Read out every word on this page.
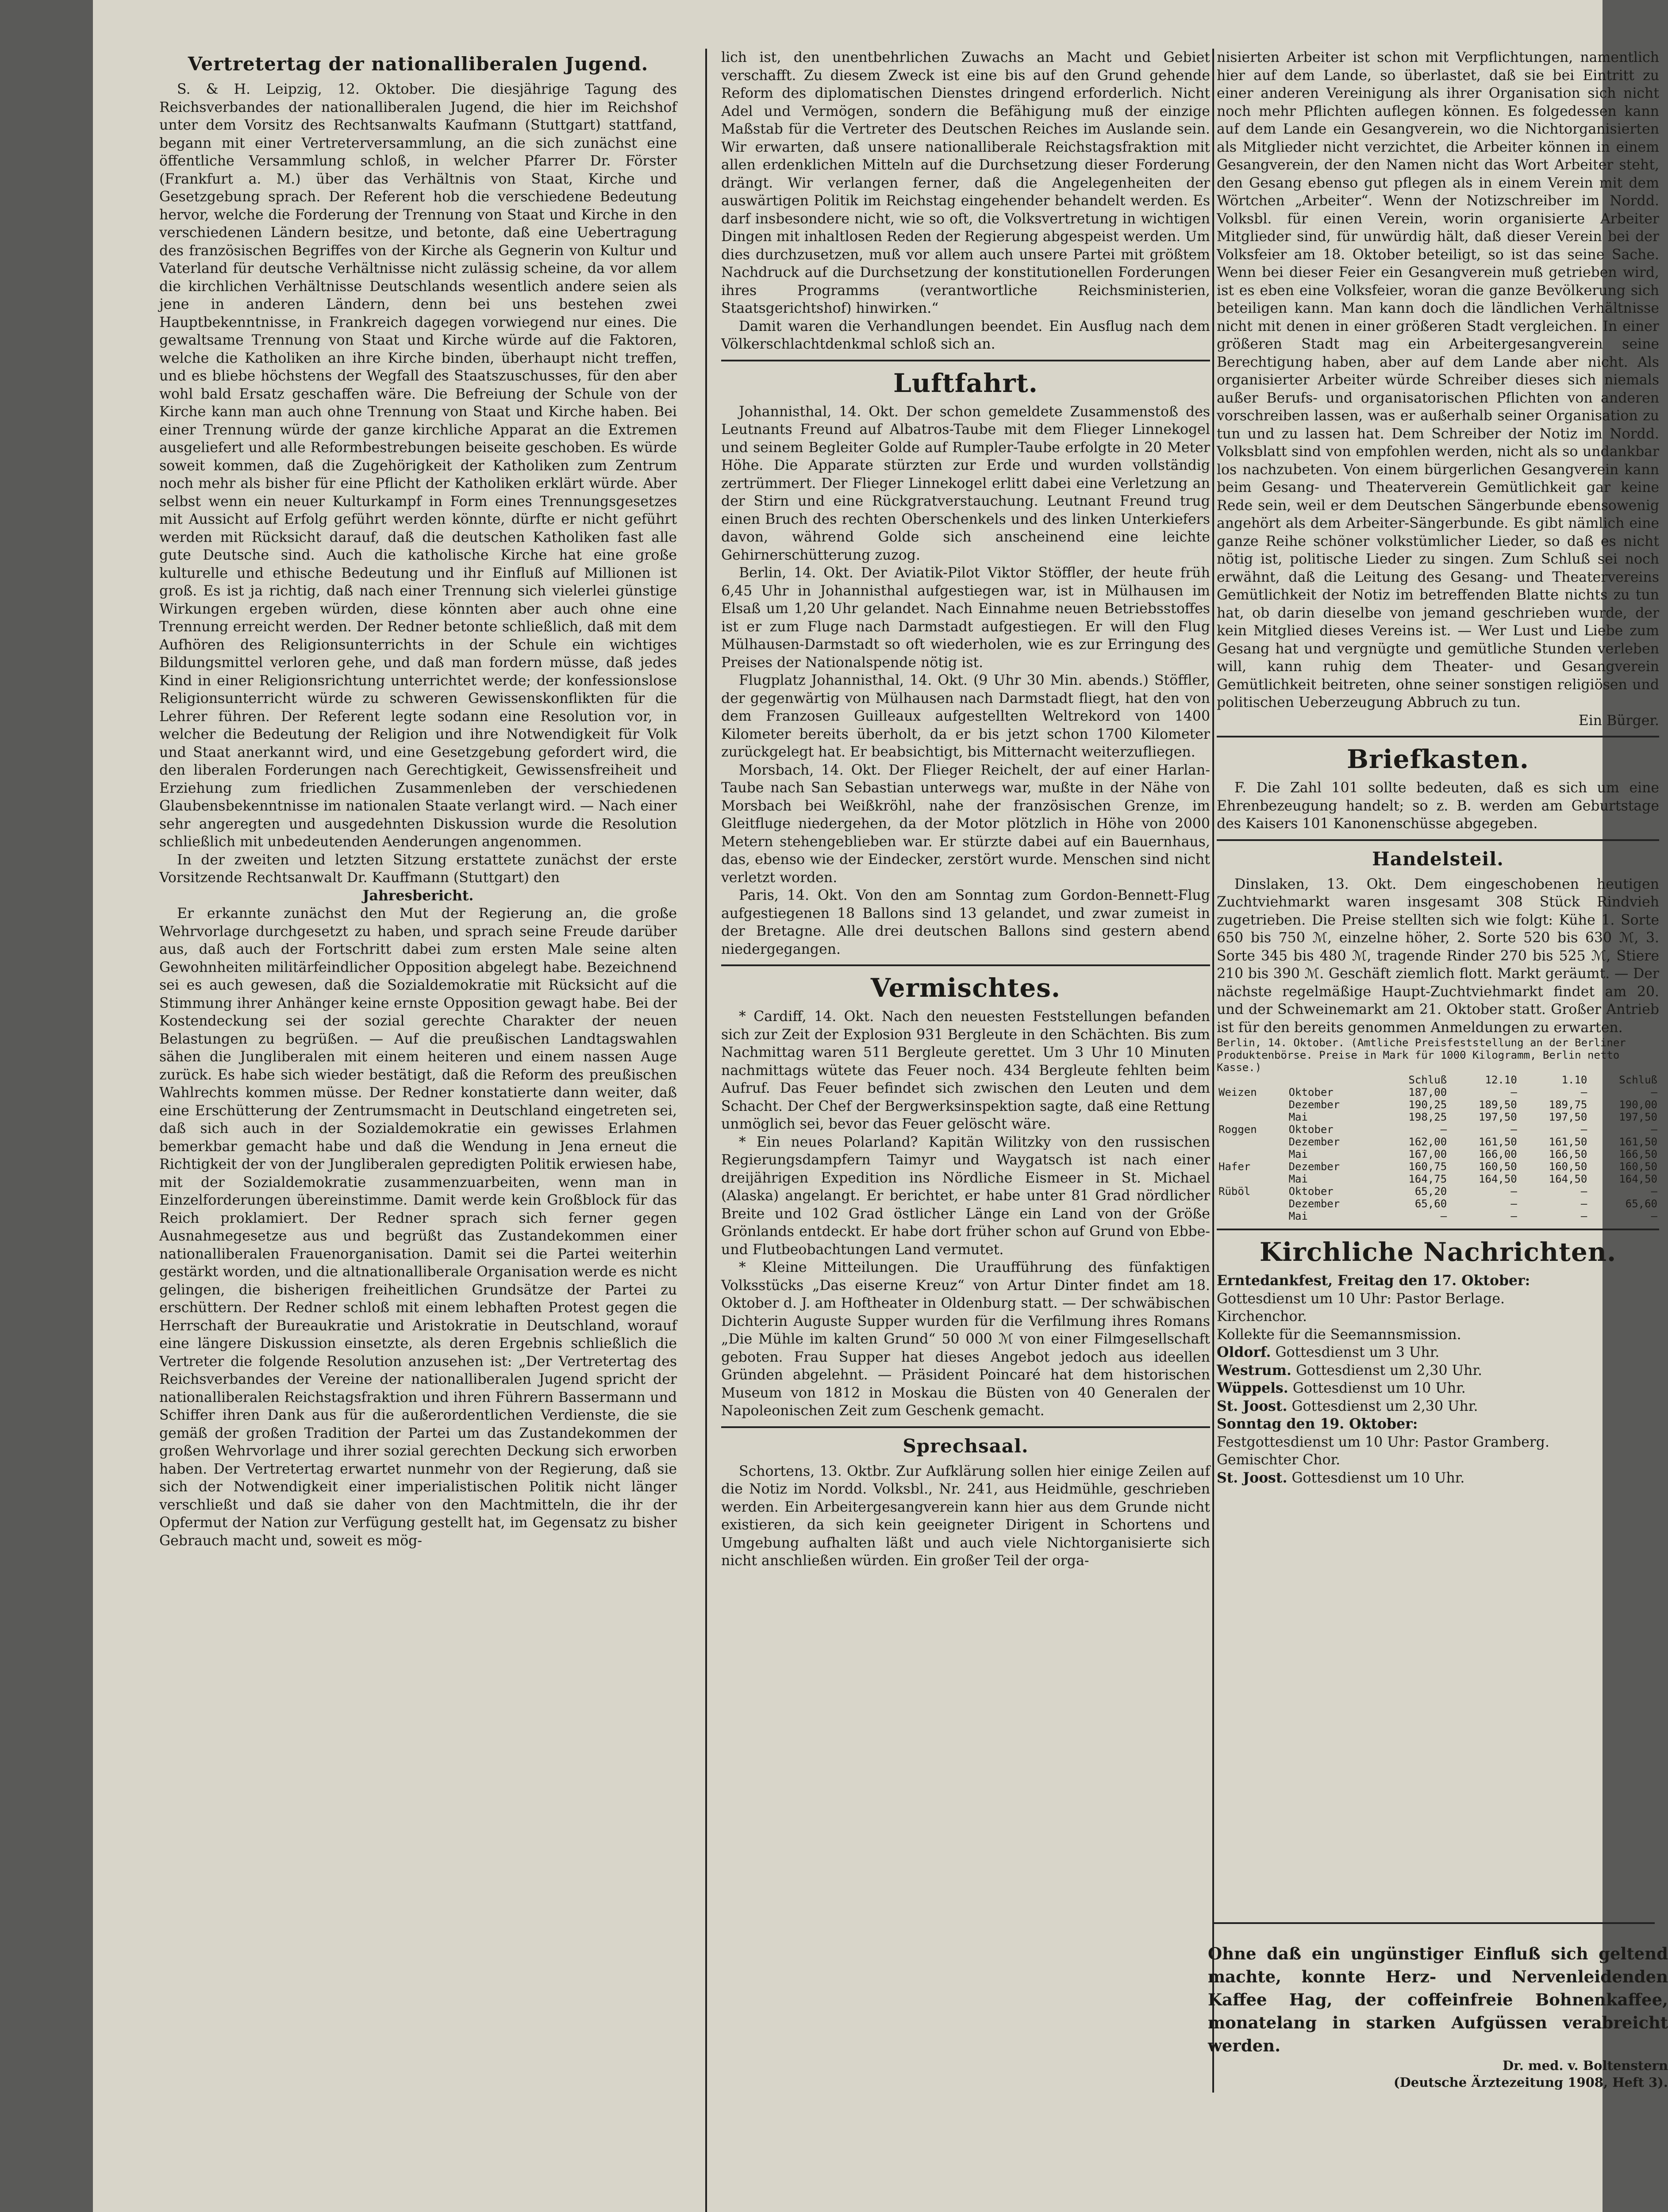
Vertretertag der nationalliberalen Jugend.

S. & H. Leipzig, 12. Oktober. Die diesjährige Tagung des Reichsverbandes der nationalliberalen Jugend, die hier im Reichshof unter dem Vorsitz des Rechtsanwalts Kaufmann (Stuttgart) stattfand, begann mit einer Vertreterversammlung, an die sich zunächst eine öffentliche Versammlung schloß, in welcher Pfarrer Dr. Förster (Frankfurt a. M.) über das Verhältnis von Staat, Kirche und Gesetzgebung sprach. Der Referent hob die verschiedene Bedeutung hervor, welche die Forderung der Trennung von Staat und Kirche in den verschiedenen Ländern besitze, und betonte, daß eine Uebertragung des französischen Begriffes von der Kirche als Gegnerin von Kultur und Vaterland für deutsche Verhältnisse nicht zulässig scheine, da vor allem die kirchlichen Verhältnisse Deutschlands wesentlich andere seien als jene in anderen Ländern, denn bei uns bestehen zwei Hauptbekenntnisse, in Frankreich dagegen vorwiegend nur eines. Die gewaltsame Trennung von Staat und Kirche würde auf die Faktoren, welche die Katholiken an ihre Kirche binden, überhaupt nicht treffen, und es bliebe höchstens der Wegfall des Staatszuschusses, für den aber wohl bald Ersatz geschaffen wäre. Die Befreiung der Schule von der Kirche kann man auch ohne Trennung von Staat und Kirche haben. Bei einer Trennung würde der ganze kirchliche Apparat an die Extremen ausgeliefert und alle Reformbestrebungen beiseite geschoben. Es würde soweit kommen, daß die Zugehörigkeit der Katholiken zum Zentrum noch mehr als bisher für eine Pflicht der Katholiken erklärt würde. Aber selbst wenn ein neuer Kulturkampf in Form eines Trennungsgesetzes mit Aussicht auf Erfolg geführt werden könnte, dürfte er nicht geführt werden mit Rücksicht darauf, daß die deutschen Katholiken fast alle gute Deutsche sind. Auch die katholische Kirche hat eine große kulturelle und ethische Bedeutung und ihr Einfluß auf Millionen ist groß. Es ist ja richtig, daß nach einer Trennung sich vielerlei günstige Wirkungen ergeben würden, diese könnten aber auch ohne eine Trennung erreicht werden. Der Redner betonte schließlich, daß mit dem Aufhören des Religionsunterrichts in der Schule ein wichtiges Bildungsmittel verloren gehe, und daß man fordern müsse, daß jedes Kind in einer Religionsrichtung unterrichtet werde; der konfessionslose Religionsunterricht würde zu schweren Gewissenskonflikten für die Lehrer führen. Der Referent legte sodann eine Resolution vor, in welcher die Bedeutung der Religion und ihre Notwendigkeit für Volk und Staat anerkannt wird, und eine Gesetzgebung gefordert wird, die den liberalen Forderungen nach Gerechtigkeit, Gewissensfreiheit und Erziehung zum friedlichen Zusammenleben der verschiedenen Glaubensbekenntnisse im nationalen Staate verlangt wird. — Nach einer sehr angeregten und ausgedehnten Diskussion wurde die Resolution schließlich mit unbedeutenden Aenderungen angenommen.

In der zweiten und letzten Sitzung erstattete zunächst der erste Vorsitzende Rechtsanwalt Dr. Kauffmann (Stuttgart) den

Jahresbericht.

Er erkannte zunächst den Mut der Regierung an, die große Wehrvorlage durchgesetzt zu haben, und sprach seine Freude darüber aus, daß auch der Fortschritt dabei zum ersten Male seine alten Gewohnheiten militärfeindlicher Opposition abgelegt habe. Bezeichnend sei es auch gewesen, daß die Sozialdemokratie mit Rücksicht auf die Stimmung ihrer Anhänger keine ernste Opposition gewagt habe. Bei der Kostendeckung sei der sozial gerechte Charakter der neuen Belastungen zu begrüßen. — Auf die preußischen Landtagswahlen sähen die Jungliberalen mit einem heiteren und einem nassen Auge zurück. Es habe sich wieder bestätigt, daß die Reform des preußischen Wahlrechts kommen müsse. Der Redner konstatierte dann weiter, daß eine Erschütterung der Zentrumsmacht in Deutschland eingetreten sei, daß sich auch in der Sozialdemokratie ein gewisses Erlahmen bemerkbar gemacht habe und daß die Wendung in Jena erneut die Richtigkeit der von der Jungliberalen gepredigten Politik erwiesen habe, mit der Sozialdemokratie zusammenzuarbeiten, wenn man in Einzelforderungen übereinstimme. Damit werde kein Großblock für das Reich proklamiert. Der Redner sprach sich ferner gegen Ausnahmegesetze aus und begrüßt das Zustandekommen einer nationalliberalen Frauenorganisation. Damit sei die Partei weiterhin gestärkt worden, und die altnationalliberale Organisation werde es nicht gelingen, die bisherigen freiheitlichen Grundsätze der Partei zu erschüttern. Der Redner schloß mit einem lebhaften Protest gegen die Herrschaft der Bureaukratie und Aristokratie in Deutschland, worauf eine längere Diskussion einsetzte, als deren Ergebnis schließlich die Vertreter die folgende Resolution anzusehen ist: „Der Vertretertag des Reichsverbandes der Vereine der nationalliberalen Jugend spricht der nationalliberalen Reichstagsfraktion und ihren Führern Bassermann und Schiffer ihren Dank aus für die außerordentlichen Verdienste, die sie gemäß der großen Tradition der Partei um das Zustandekommen der großen Wehrvorlage und ihrer sozial gerechten Deckung sich erworben haben. Der Vertretertag erwartet nunmehr von der Regierung, daß sie sich der Notwendigkeit einer imperialistischen Politik nicht länger verschließt und daß sie daher von den Machtmitteln, die ihr der Opfermut der Nation zur Verfügung gestellt hat, im Gegensatz zu bisher Gebrauch macht und, soweit es mög-

lich ist, den unentbehrlichen Zuwachs an Macht und Gebiet verschafft. Zu diesem Zweck ist eine bis auf den Grund gehende Reform des diplomatischen Dienstes dringend erforderlich. Nicht Adel und Vermögen, sondern die Befähigung muß der einzige Maßstab für die Vertreter des Deutschen Reiches im Auslande sein. Wir erwarten, daß unsere nationalliberale Reichstagsfraktion mit allen erdenklichen Mitteln auf die Durchsetzung dieser Forderung drängt. Wir verlangen ferner, daß die Angelegenheiten der auswärtigen Politik im Reichstag eingehender behandelt werden. Es darf insbesondere nicht, wie so oft, die Volksvertretung in wichtigen Dingen mit inhaltlosen Reden der Regierung abgespeist werden. Um dies durchzusetzen, muß vor allem auch unsere Partei mit größtem Nachdruck auf die Durchsetzung der konstitutionellen Forderungen ihres Programms (verantwortliche Reichsministerien, Staatsgerichtshof) hinwirken.“

Damit waren die Verhandlungen beendet. Ein Ausflug nach dem Völkerschlachtdenkmal schloß sich an.

Luftfahrt.

Johannisthal, 14. Okt. Der schon gemeldete Zusammenstoß des Leutnants Freund auf Albatros-Taube mit dem Flieger Linnekogel und seinem Begleiter Golde auf Rumpler-Taube erfolgte in 20 Meter Höhe. Die Apparate stürzten zur Erde und wurden vollständig zertrümmert. Der Flieger Linnekogel erlitt dabei eine Verletzung an der Stirn und eine Rückgratverstauchung. Leutnant Freund trug einen Bruch des rechten Oberschenkels und des linken Unterkiefers davon, während Golde sich anscheinend eine leichte Gehirnerschütterung zuzog.

Berlin, 14. Okt. Der Aviatik-Pilot Viktor Stöffler, der heute früh 6,45 Uhr in Johannisthal aufgestiegen war, ist in Mülhausen im Elsaß um 1,20 Uhr gelandet. Nach Einnahme neuen Betriebsstoffes ist er zum Fluge nach Darmstadt aufgestiegen. Er will den Flug Mülhausen-Darmstadt so oft wiederholen, wie es zur Erringung des Preises der Nationalspende nötig ist.

Flugplatz Johannisthal, 14. Okt. (9 Uhr 30 Min. abends.) Stöffler, der gegenwärtig von Mülhausen nach Darmstadt fliegt, hat den von dem Franzosen Guilleaux aufgestellten Weltrekord von 1400 Kilometer bereits überholt, da er bis jetzt schon 1700 Kilometer zurückgelegt hat. Er beabsichtigt, bis Mitternacht weiterzufliegen.

Morsbach, 14. Okt. Der Flieger Reichelt, der auf einer Harlan-Taube nach San Sebastian unterwegs war, mußte in der Nähe von Morsbach bei Weißkröhl, nahe der französischen Grenze, im Gleitfluge niedergehen, da der Motor plötzlich in Höhe von 2000 Metern stehengeblieben war. Er stürzte dabei auf ein Bauernhaus, das, ebenso wie der Eindecker, zerstört wurde. Menschen sind nicht verletzt worden.

Paris, 14. Okt. Von den am Sonntag zum Gordon-Bennett-Flug aufgestiegenen 18 Ballons sind 13 gelandet, und zwar zumeist in der Bretagne. Alle drei deutschen Ballons sind gestern abend niedergegangen.

Vermischtes.

* Cardiff, 14. Okt. Nach den neuesten Feststellungen befanden sich zur Zeit der Explosion 931 Bergleute in den Schächten. Bis zum Nachmittag waren 511 Bergleute gerettet. Um 3 Uhr 10 Minuten nachmittags wütete das Feuer noch. 434 Bergleute fehlten beim Aufruf. Das Feuer befindet sich zwischen den Leuten und dem Schacht. Der Chef der Bergwerksinspektion sagte, daß eine Rettung unmöglich sei, bevor das Feuer gelöscht wäre.

* Ein neues Polarland? Kapitän Wilitzky von den russischen Regierungsdampfern Taimyr und Waygatsch ist nach einer dreijährigen Expedition ins Nördliche Eismeer in St. Michael (Alaska) angelangt. Er berichtet, er habe unter 81 Grad nördlicher Breite und 102 Grad östlicher Länge ein Land von der Größe Grönlands entdeckt. Er habe dort früher schon auf Grund von Ebbe- und Flutbeobachtungen Land vermutet.

* Kleine Mitteilungen. Die Uraufführung des fünfaktigen Volksstücks „Das eiserne Kreuz“ von Artur Dinter findet am 18. Oktober d. J. am Hoftheater in Oldenburg statt. — Der schwäbischen Dichterin Auguste Supper wurden für die Verfilmung ihres Romans „Die Mühle im kalten Grund“ 50 000 ℳ von einer Filmgesellschaft geboten. Frau Supper hat dieses Angebot jedoch aus ideellen Gründen abgelehnt. — Präsident Poincaré hat dem historischen Museum von 1812 in Moskau die Büsten von 40 Generalen der Napoleonischen Zeit zum Geschenk gemacht.

Sprechsaal.

Schortens, 13. Oktbr. Zur Aufklärung sollen hier einige Zeilen auf die Notiz im Nordd. Volksbl., Nr. 241, aus Heidmühle, geschrieben werden. Ein Arbeitergesangverein kann hier aus dem Grunde nicht existieren, da sich kein geeigneter Dirigent in Schortens und Umgebung aufhalten läßt und auch viele Nichtorganisierte sich nicht anschließen würden. Ein großer Teil der orga-

nisierten Arbeiter ist schon mit Verpflichtungen, namentlich hier auf dem Lande, so überlastet, daß sie bei Eintritt zu einer anderen Vereinigung als ihrer Organisation sich nicht noch mehr Pflichten auflegen können. Es folgedessen kann auf dem Lande ein Gesangverein, wo die Nichtorganisierten als Mitglieder nicht verzichtet, die Arbeiter können in einem Gesangverein, der den Namen nicht das Wort Arbeiter steht, den Gesang ebenso gut pflegen als in einem Verein mit dem Wörtchen „Arbeiter“. Wenn der Notizschreiber im Nordd. Volksbl. für einen Verein, worin organisierte Arbeiter Mitglieder sind, für unwürdig hält, daß dieser Verein bei der Volksfeier am 18. Oktober beteiligt, so ist das seine Sache. Wenn bei dieser Feier ein Gesangverein muß getrieben wird, ist es eben eine Volksfeier, woran die ganze Bevölkerung sich beteiligen kann. Man kann doch die ländlichen Verhältnisse nicht mit denen in einer größeren Stadt vergleichen. In einer größeren Stadt mag ein Arbeitergesangverein seine Berechtigung haben, aber auf dem Lande aber nicht. Als organisierter Arbeiter würde Schreiber dieses sich niemals außer Berufs- und organisatorischen Pflichten von anderen vorschreiben lassen, was er außerhalb seiner Organisation zu tun und zu lassen hat. Dem Schreiber der Notiz im Nordd. Volksblatt sind von empfohlen werden, nicht als so undankbar los nachzubeten. Von einem bürgerlichen Gesangverein kann beim Gesang- und Theaterverein Gemütlichkeit gar keine Rede sein, weil er dem Deutschen Sängerbunde ebensowenig angehört als dem Arbeiter-Sängerbunde. Es gibt nämlich eine ganze Reihe schöner volkstümlicher Lieder, so daß es nicht nötig ist, politische Lieder zu singen. Zum Schluß sei noch erwähnt, daß die Leitung des Gesang- und Theatervereins Gemütlichkeit der Notiz im betreffenden Blatte nichts zu tun hat, ob darin dieselbe von jemand geschrieben wurde, der kein Mitglied dieses Vereins ist. — Wer Lust und Liebe zum Gesang hat und vergnügte und gemütliche Stunden verleben will, kann ruhig dem Theater- und Gesangverein Gemütlichkeit beitreten, ohne seiner sonstigen religiösen und politischen Ueberzeugung Abbruch zu tun.

Ein Bürger.

Briefkasten.

F. Die Zahl 101 sollte bedeuten, daß es sich um eine Ehrenbezeugung handelt; so z. B. werden am Geburtstage des Kaisers 101 Kanonenschüsse abgegeben.

Handelsteil.

Dinslaken, 13. Okt. Dem eingeschobenen heutigen Zuchtviehmarkt waren insgesamt 308 Stück Rindvieh zugetrieben. Die Preise stellten sich wie folgt: Kühe 1. Sorte 650 bis 750 ℳ, einzelne höher, 2. Sorte 520 bis 630 ℳ, 3. Sorte 345 bis 480 ℳ, tragende Rinder 270 bis 525 ℳ, Stiere 210 bis 390 ℳ. Geschäft ziemlich flott. Markt geräumt. — Der nächste regelmäßige Haupt-Zuchtviehmarkt findet am 20. und der Schweinemarkt am 21. Oktober statt. Großer Antrieb ist für den bereits genommen Anmeldungen zu erwarten.

Berlin, 14. Oktober. (Amtliche Preisfeststellung an der Berliner Produktenbörse. Preise in Mark für 1000 Kilogramm, Berlin netto Kasse.)
		Schluß	12.10	1.10	Schluß
Weizen	Oktober	187,00	—	—	—
	Dezember	190,25	189,50	189,75	190,00
	Mai	198,25	197,50	197,50	197,50
Roggen	Oktober	—	—	—	—
	Dezember	162,00	161,50	161,50	161,50
	Mai	167,00	166,00	166,50	166,50
Hafer	Dezember	160,75	160,50	160,50	160,50
	Mai	164,75	164,50	164,50	164,50
Rüböl	Oktober	65,20	—	—	—
	Dezember	65,60	—	—	65,60
	Mai	—	—	—	—
Kirchliche Nachrichten.

Erntedankfest, Freitag den 17. Oktober:

Gottesdienst um 10 Uhr: Pastor Berlage.

Kirchenchor.

Kollekte für die Seemannsmission.

Oldorf. Gottesdienst um 3 Uhr.

Westrum. Gottesdienst um 2,30 Uhr.

Wüppels. Gottesdienst um 10 Uhr.

St. Joost. Gottesdienst um 2,30 Uhr.

Sonntag den 19. Oktober:

Festgottesdienst um 10 Uhr: Pastor Gramberg.

Gemischter Chor.

St. Joost. Gottesdienst um 10 Uhr.

Ohne daß ein ungünstiger Einfluß sich geltend machte, konnte Herz- und Nervenleidenden Kaffee Hag, der coffeinfreie Bohnenkaffee, monatelang in starken Aufgüssen verabreicht werden.

Dr. med. v. Boltenstern

(Deutsche Ärztezeitung 1908, Heft 3).
